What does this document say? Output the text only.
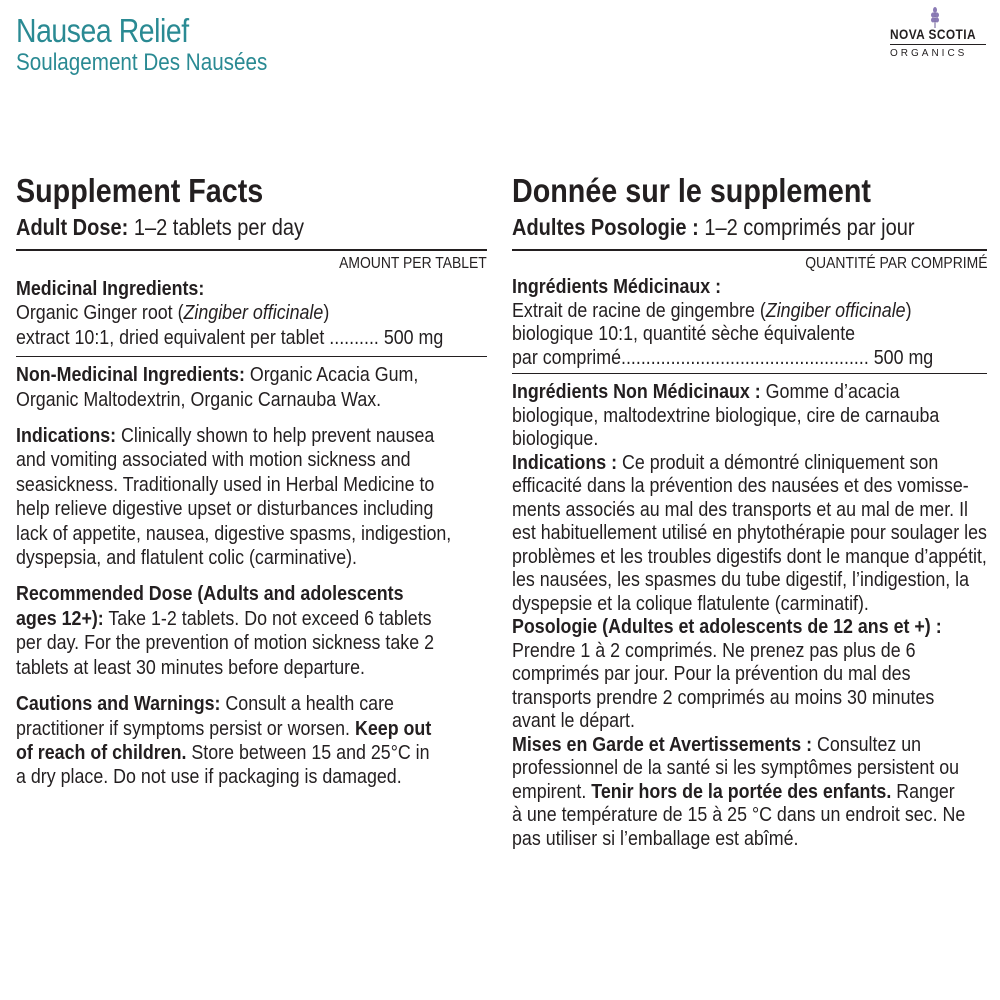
Nausea Relief
Soulagement Des Nausées
NOVA SCOTIA
ORGANICS
Supplement Facts
Adult Dose: 1–2 tablets per day
AMOUNT PER TABLET
Medicinal Ingredients:
Organic Ginger root (Zingiber officinale)
extract 10:1, dried equivalent per tablet .......... 500 mg
Non-Medicinal Ingredients: Organic Acacia Gum,
Organic Maltodextrin, Organic Carnauba Wax.
Indications: Clinically shown to help prevent nausea
and vomiting associated with motion sickness and
seasickness. Traditionally used in Herbal Medicine to
help relieve digestive upset or disturbances including
lack of appetite, nausea, digestive spasms, indigestion,
dyspepsia, and flatulent colic (carminative).
Recommended Dose (Adults and adolescents
ages 12+): Take 1-2 tablets. Do not exceed 6 tablets
per day. For the prevention of motion sickness take 2
tablets at least 30 minutes before departure.
Cautions and Warnings: Consult a health care
practitioner if symptoms persist or worsen. Keep out
of reach of children. Store between 15 and 25°C in
a dry place. Do not use if packaging is damaged.
Donnée sur le supplement
Adultes Posologie : 1–2 comprimés par jour
QUANTITÉ PAR COMPRIMÉ
Ingrédients Médicinaux :
Extrait de racine de gingembre (Zingiber officinale)
biologique 10:1, quantité sèche équivalente
par comprimé.................................................. 500 mg
Ingrédients Non Médicinaux : Gomme d’acacia
biologique, maltodextrine biologique, cire de carnauba
biologique.
Indications : Ce produit a démontré cliniquement son
efficacité dans la prévention des nausées et des vomisse-
ments associés au mal des transports et au mal de mer. Il
est habituellement utilisé en phytothérapie pour soulager les
problèmes et les troubles digestifs dont le manque d’appétit,
les nausées, les spasmes du tube digestif, l’indigestion, la
dyspepsie et la colique flatulente (carminatif).
Posologie (Adultes et adolescents de 12 ans et +) :
Prendre 1 à 2 comprimés. Ne prenez pas plus de 6
comprimés par jour. Pour la prévention du mal des
transports prendre 2 comprimés au moins 30 minutes
avant le départ.
Mises en Garde et Avertissements : Consultez un
professionnel de la santé si les symptômes persistent ou
empirent. Tenir hors de la portée des enfants. Ranger
à une température de 15 à 25 °C dans un endroit sec. Ne
pas utiliser si l’emballage est abîmé.
